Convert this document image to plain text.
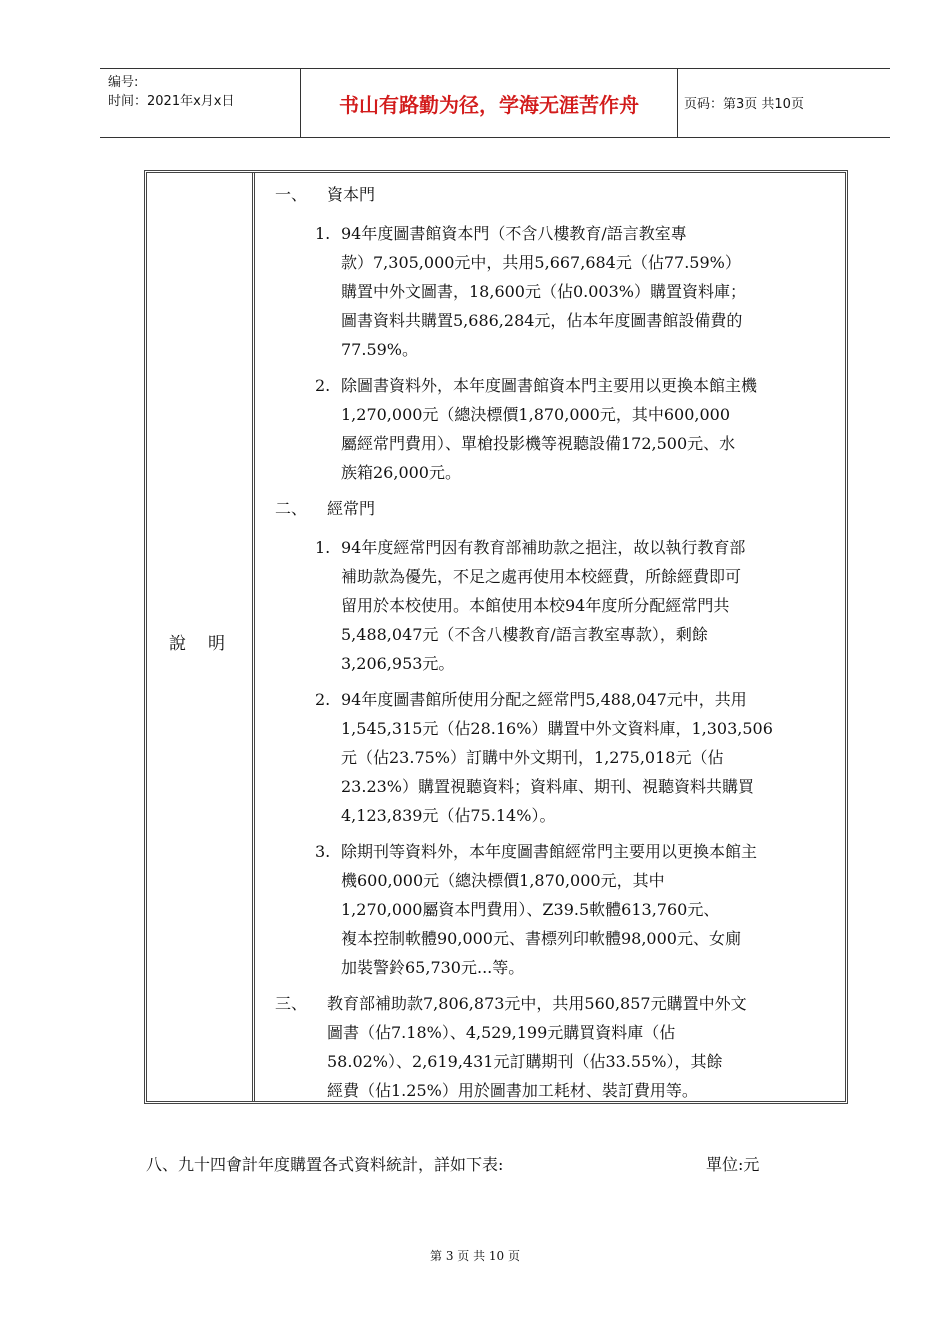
编号:
时间：2021年x月x日	书山有路勤为径，学海无涯苦作舟	页码：第3页 共10页
說明
一、 資本門
1. 94年度圖書館資本門（不含八樓教育/語言教室專
款）7,305,000元中，共用5,667,684元（佔77.59%）
購置中外文圖書，18,600元（佔0.003%）購置資料庫；
圖書資料共購置5,686,284元，佔本年度圖書館設備費的
77.59%。
2. 除圖書資料外，本年度圖書館資本門主要用以更換本館主機
1,270,000元（總決標價1,870,000元，其中600,000
屬經常門費用）、單槍投影機等視聽設備172,500元、水
族箱26,000元。
二、 經常門
1. 94年度經常門因有教育部補助款之挹注，故以執行教育部
補助款為優先，不足之處再使用本校經費，所餘經費即可
留用於本校使用。本館使用本校94年度所分配經常門共
5,488,047元（不含八樓教育/語言教室專款），剩餘
3,206,953元。
2. 94年度圖書館所使用分配之經常門5,488,047元中，共用
1,545,315元（佔28.16%）購置中外文資料庫，1,303,506
元（佔23.75%）訂購中外文期刊，1,275,018元（佔
23.23%）購置視聽資料；資料庫、期刊、視聽資料共購買
4,123,839元（佔75.14%）。
3. 除期刊等資料外，本年度圖書館經常門主要用以更換本館主
機600,000元（總決標價1,870,000元，其中
1,270,000屬資本門費用）、Z39.5軟體613,760元、
複本控制軟體90,000元、書標列印軟體98,000元、女廁
加裝警鈴65,730元...等。
三、 教育部補助款7,806,873元中，共用560,857元購置中外文
圖書（佔7.18%）、4,529,199元購買資料庫（佔
58.02%）、2,619,431元訂購期刊（佔33.55%），其餘
經費（佔1.25%）用於圖書加工耗材、裝訂費用等。
八、九十四會計年度購置各式資料統計，詳如下表:	單位:元
第 3 页 共 10 页
